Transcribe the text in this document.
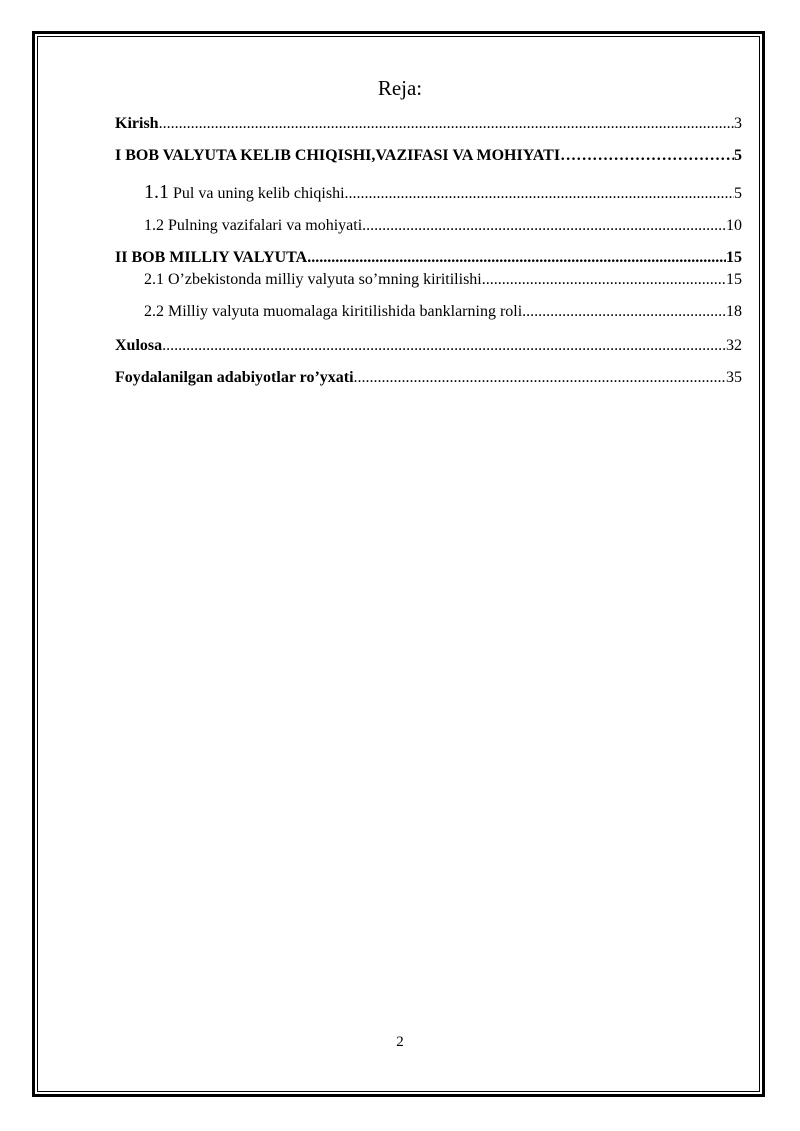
Reja:
Kirish .....	3
I BOB VALYUTA KELIB CHIQISHI,VAZIFASI VA MOHIYATI …………………………………………………………………………………………	5
1.1 Pul va uning kelib chiqishi .....	5
1.2 Pulning vazifalari va mohiyati .....	10
II BOB MILLIY VALYUTA .....	15
2.1 O’zbekistonda milliy valyuta so’mning kiritilishi .....	15
2.2 Milliy valyuta muomalaga kiritilishida banklarning roli .....	18
Xulosa .....	32
Foydalanilgan adabiyotlar ro’yxati .....	35
2
